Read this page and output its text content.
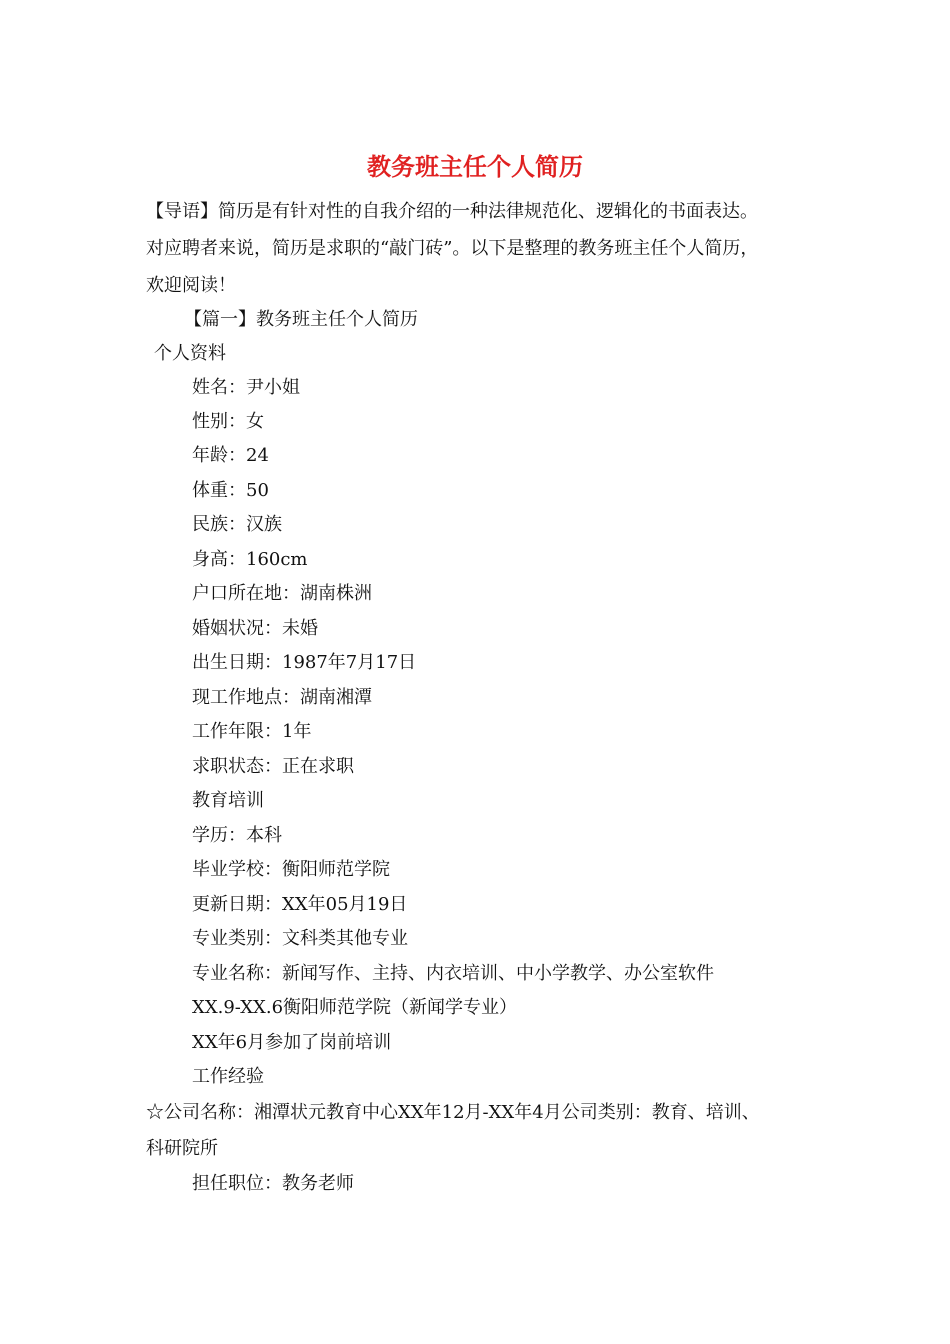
教务班主任个人简历
【导语】简历是有针对性的自我介绍的一种法律规范化、逻辑化的书面表达。
对应聘者来说，简历是求职的“敲门砖”。以下是整理的教务班主任个人简历，
欢迎阅读！
【篇一】教务班主任个人简历
个人资料
姓名：尹小姐
性别：女
年龄：24
体重：50
民族：汉族
身高：160cm
户口所在地：湖南株洲
婚姻状况：未婚
出生日期：1987年7月17日
现工作地点：湖南湘潭
工作年限：1年
求职状态：正在求职
教育培训
学历：本科
毕业学校：衡阳师范学院
更新日期：XX年05月19日
专业类别：文科类其他专业
专业名称：新闻写作、主持、内衣培训、中小学教学、办公室软件
XX.9-XX.6衡阳师范学院（新闻学专业）
XX年6月参加了岗前培训
工作经验
☆公司名称：湘潭状元教育中心XX年12月-XX年4月公司类别：教育、培训、
科研院所
担任职位：教务老师
